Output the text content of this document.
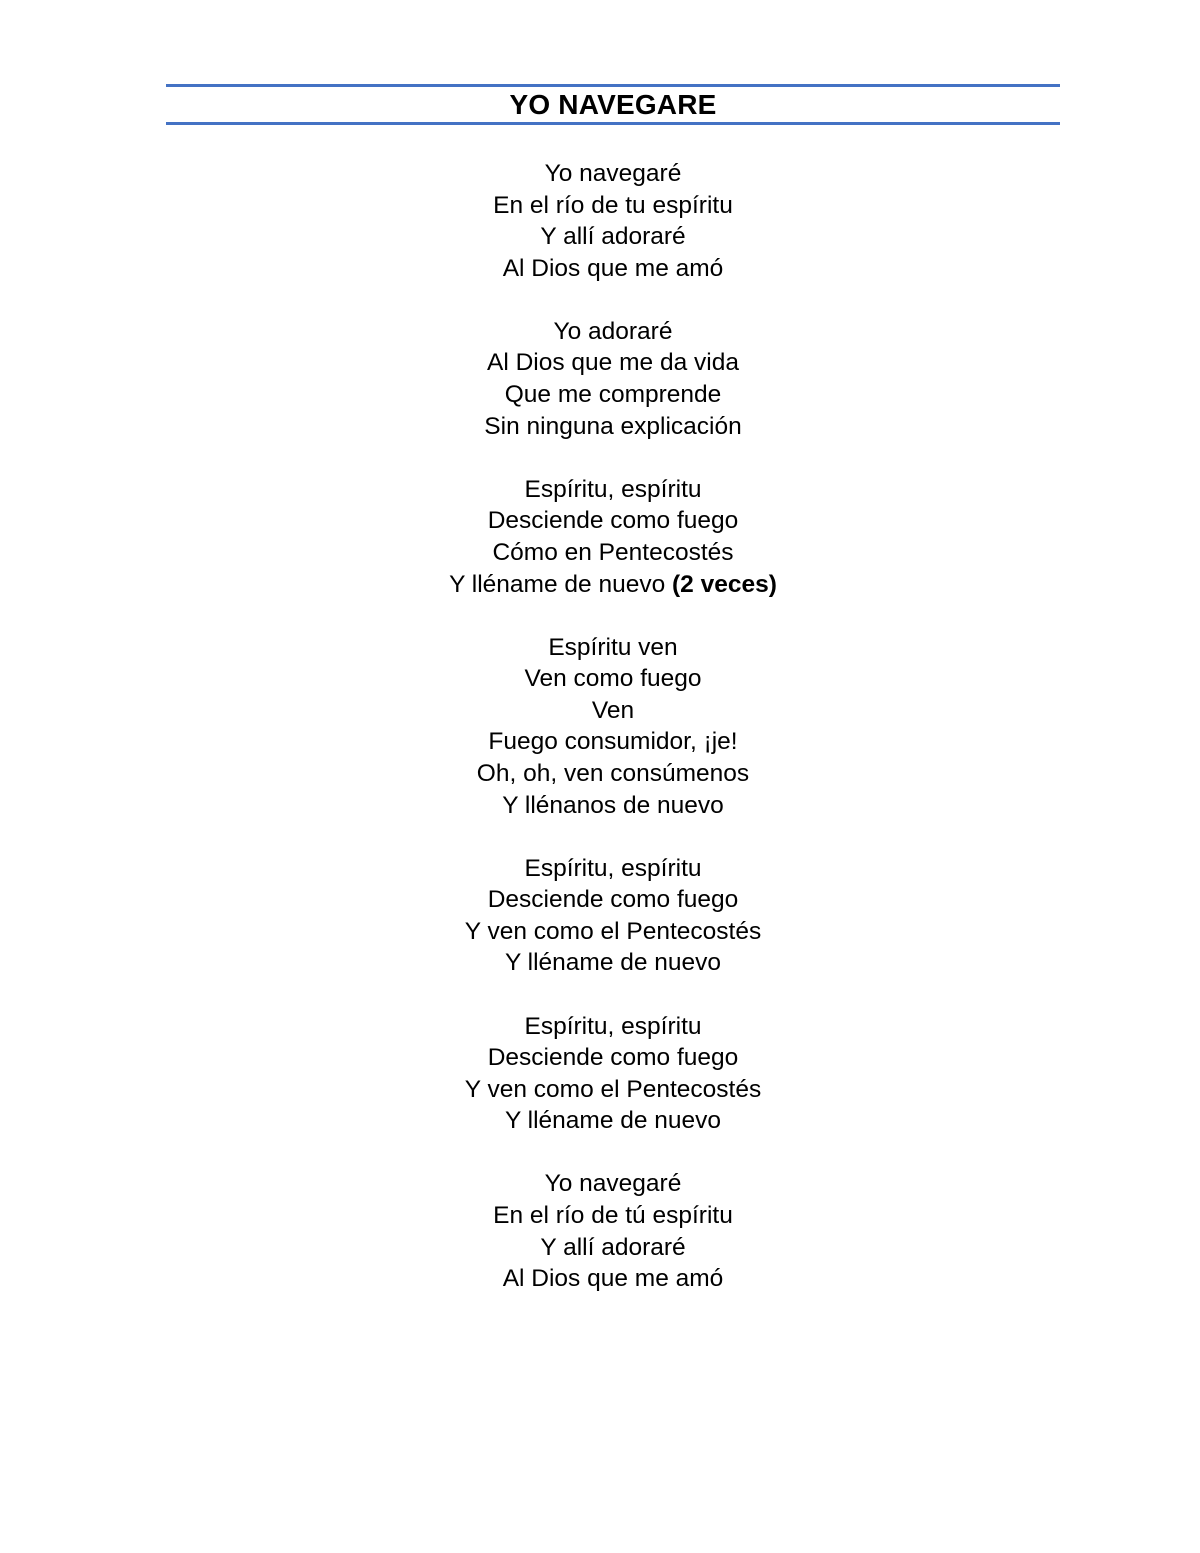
YO NAVEGARE
Yo navegaré
En el río de tu espíritu
Y allí adoraré
Al Dios que me amó
Yo adoraré
Al Dios que me da vida
Que me comprende
Sin ninguna explicación
Espíritu, espíritu
Desciende como fuego
Cómo en Pentecostés
Y lléname de nuevo (2 veces)
Espíritu ven
Ven como fuego
Ven
Fuego consumidor, ¡je!
Oh, oh, ven consúmenos
Y llénanos de nuevo
Espíritu, espíritu
Desciende como fuego
Y ven como el Pentecostés
Y lléname de nuevo
Espíritu, espíritu
Desciende como fuego
Y ven como el Pentecostés
Y lléname de nuevo
Yo navegaré
En el río de tú espíritu
Y allí adoraré
Al Dios que me amó
